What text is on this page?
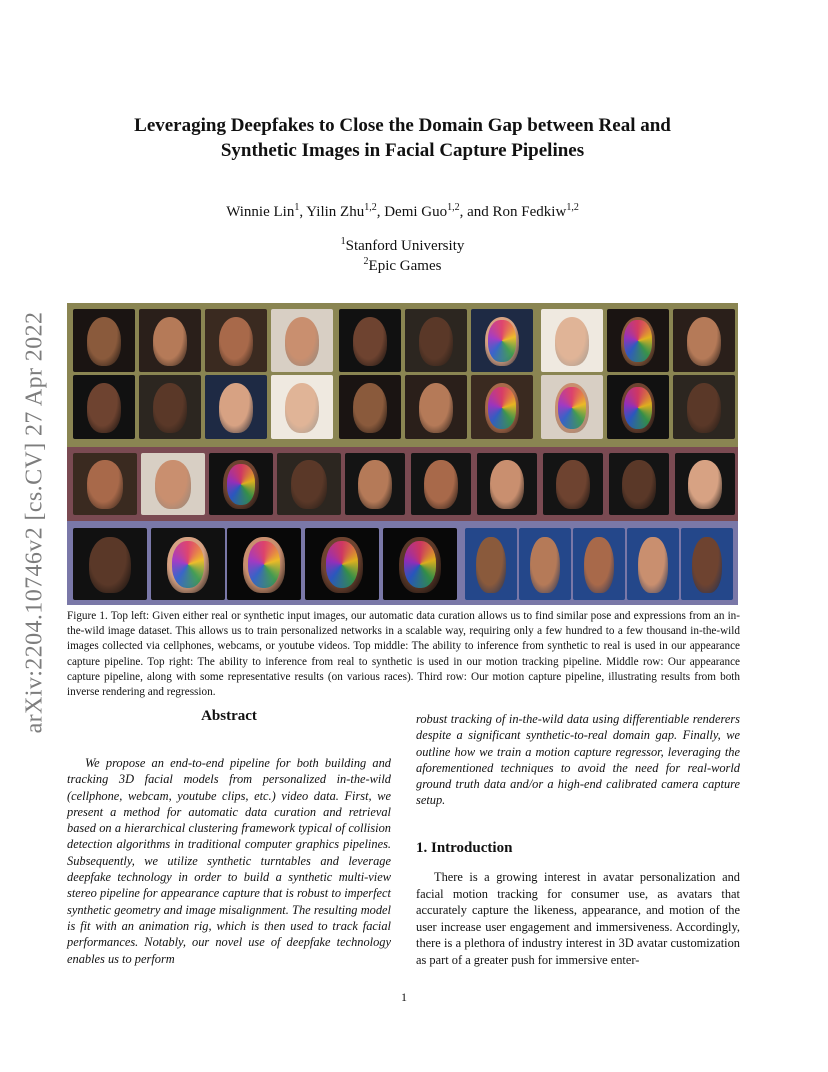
arXiv:2204.10746v2 [cs.CV] 27 Apr 2022
Leveraging Deepfakes to Close the Domain Gap between Real and Synthetic Images in Facial Capture Pipelines
Winnie Lin$^1$, Yilin Zhu$^{1,2}$, Demi Guo$^{1,2}$, and Ron Fedkiw$^{1,2}$
$^1$Stanford University
$^2$Epic Games
Figure 1. Top left: Given either real or synthetic input images, our automatic data curation allows us to find similar pose and expressions from an in-the-wild image dataset. This allows us to train personalized networks in a scalable way, requiring only a few hundred to a few thousand in-the-wild images collected via cellphones, webcams, or youtube videos. Top middle: The ability to inference from synthetic to real is used in our appearance capture pipeline. Top right: The ability to inference from real to synthetic is used in our motion tracking pipeline. Middle row: Our appearance capture pipeline, along with some representative results (on various races). Third row: Our motion capture pipeline, illustrating results from both inverse rendering and regression.
Abstract

We propose an end-to-end pipeline for both building and tracking 3D facial models from personalized in-the-wild (cellphone, webcam, youtube clips, etc.) video data. First, we present a method for automatic data curation and retrieval based on a hierarchical clustering framework typical of collision detection algorithms in traditional computer graphics pipelines. Subsequently, we utilize synthetic turntables and leverage deepfake technology in order to build a synthetic multi-view stereo pipeline for appearance capture that is robust to imperfect synthetic geometry and image misalignment. The resulting model is fit with an animation rig, which is then used to track facial performances. Notably, our novel use of deepfake technology enables us to perform

robust tracking of in-the-wild data using differentiable renderers despite a significant synthetic-to-real domain gap. Finally, we outline how we train a motion capture regressor, leveraging the aforementioned techniques to avoid the need for real-world ground truth data and/or a high-end calibrated camera capture setup.
1. Introduction

There is a growing interest in avatar personalization and facial motion tracking for consumer use, as avatars that accurately capture the likeness, appearance, and motion of the user increase user engagement and immersiveness. Accordingly, there is a plethora of industry interest in 3D avatar customization as part of a greater push for immersive enter-

1
